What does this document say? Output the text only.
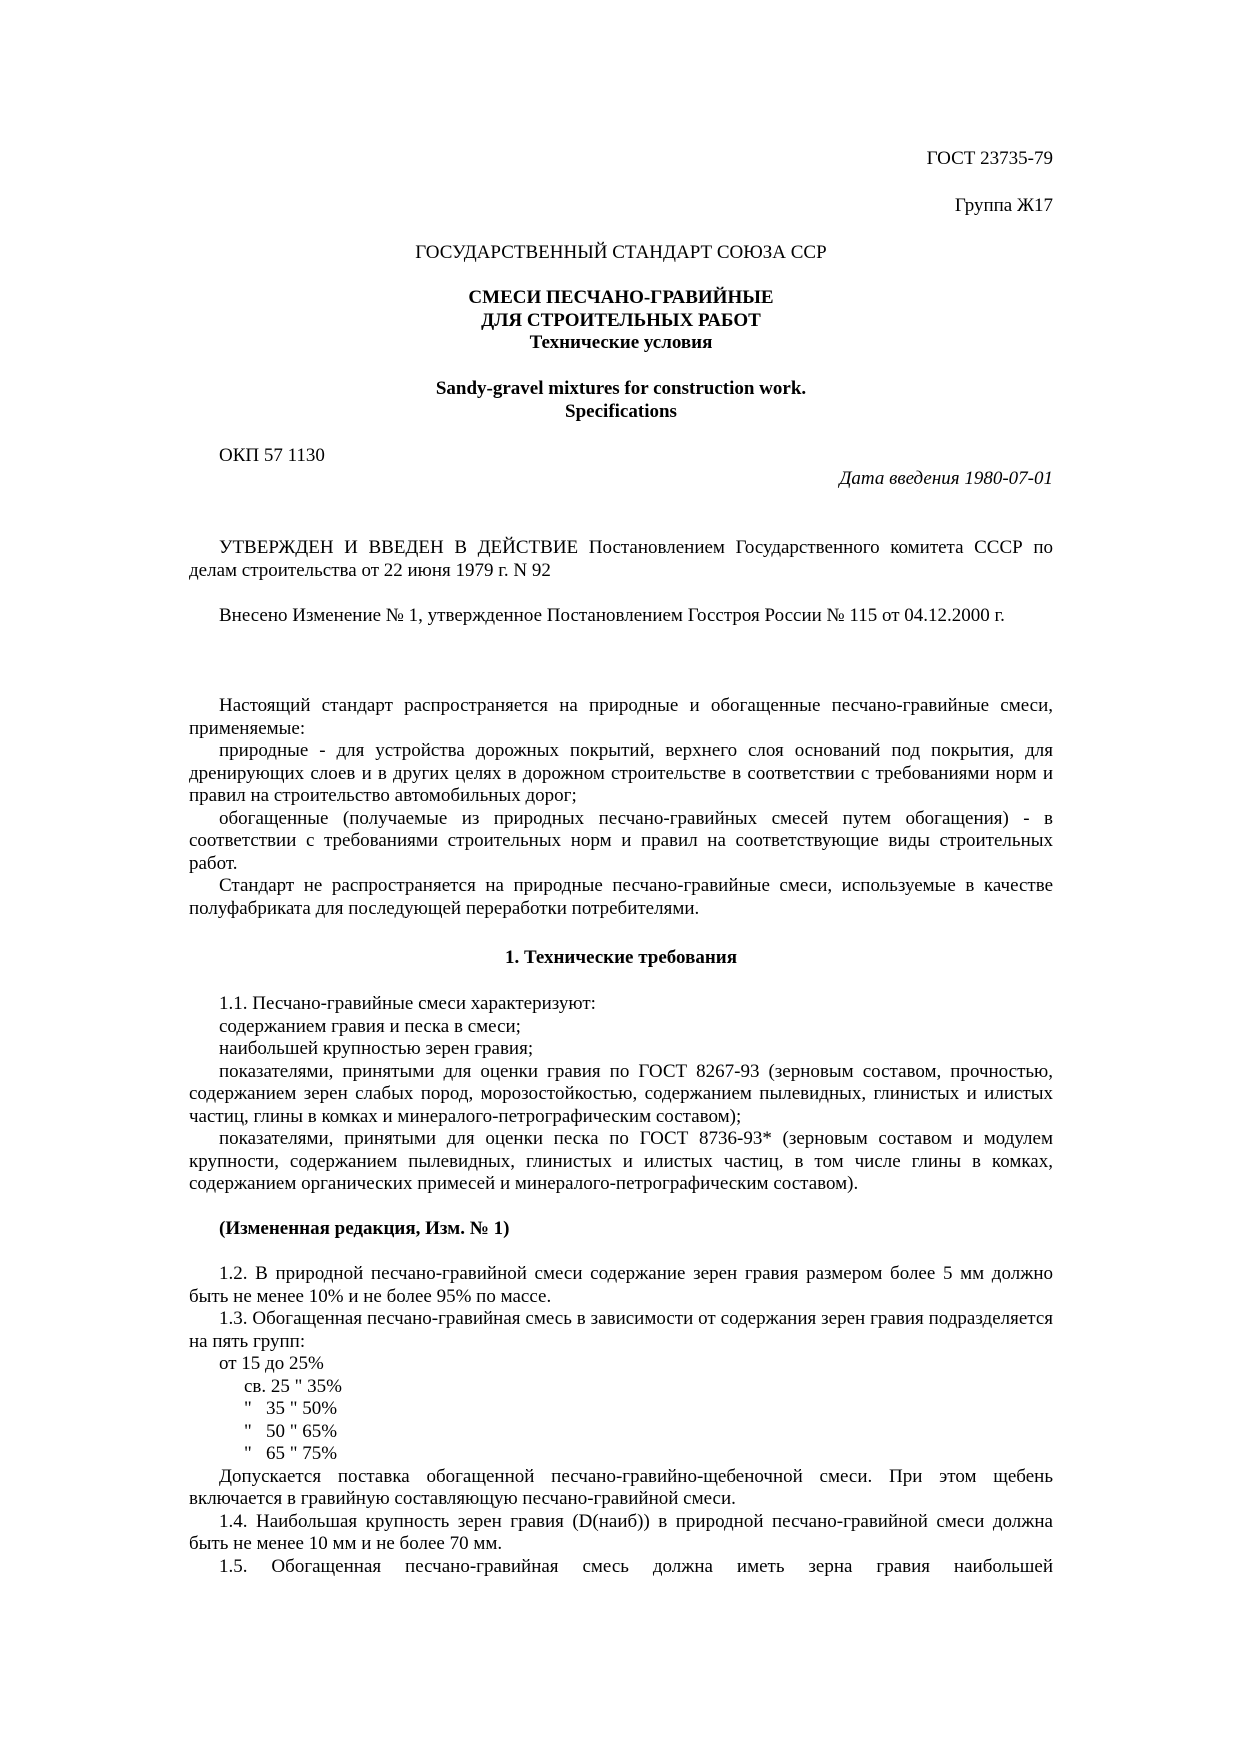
ГОСТ 23735-79

Группа Ж17

ГОСУДАРСТВЕННЫЙ СТАНДАРТ СОЮЗА ССР

СМЕСИ ПЕСЧАНО-ГРАВИЙНЫЕ

ДЛЯ СТРОИТЕЛЬНЫХ РАБОТ

Технические условия

Sandy-gravel mixtures for construction work.

Specifications

ОКП 57 1130

Дата введения 1980-07-01

УТВЕРЖДЕН И ВВЕДЕН В ДЕЙСТВИЕ Постановлением Государственного комитета СССР по делам строительства от 22 июня 1979 г. N 92

Внесено Изменение № 1, утвержденное Постановлением Госстроя России № 115 от 04.12.2000 г.

Настоящий стандарт распространяется на природные и обогащенные песчано-гравийные смеси, применяемые:

природные - для устройства дорожных покрытий, верхнего слоя оснований под покрытия, для дренирующих слоев и в других целях в дорожном строительстве в соответствии с требованиями норм и правил на строительство автомобильных дорог;

обогащенные (получаемые из природных песчано-гравийных смесей путем обогащения) - в соответствии с требованиями строительных норм и правил на соответствующие виды строительных работ.

Стандарт не распространяется на природные песчано-гравийные смеси, используемые в качестве полуфабриката для последующей переработки потребителями.

1. Технические требования

1.1. Песчано-гравийные смеси характеризуют:

содержанием гравия и песка в смеси;

наибольшей крупностью зерен гравия;

показателями, принятыми для оценки гравия по ГОСТ 8267-93 (зерновым составом, прочностью, содержанием зерен слабых пород, морозостойкостью, содержанием пылевидных, глинистых и илистых частиц, глины в комках и минералого-петрографическим составом);

показателями, принятыми для оценки песка по ГОСТ 8736-93* (зерновым составом и модулем крупности, содержанием пылевидных, глинистых и илистых частиц, в том числе глины в комках, содержанием органических примесей и минералого-петрографическим составом).

(Измененная редакция, Изм. № 1)

1.2. В природной песчано-гравийной смеси содержание зерен гравия размером более 5 мм должно быть не менее 10% и не более 95% по массе.

1.3. Обогащенная песчано-гравийная смесь в зависимости от содержания зерен гравия подразделяется на пять групп:

от 15 до 25%

св. 25 " 35%

"   35 " 50%

"   50 " 65%

"   65 " 75%

Допускается поставка обогащенной песчано-гравийно-щебеночной смеси. При этом щебень включается в гравийную составляющую песчано-гравийной смеси.

1.4. Наибольшая крупность зерен гравия (D(наиб)) в природной песчано-гравийной смеси должна быть не менее 10 мм и не более 70 мм.

1.5. Обогащенная песчано-гравийная смесь должна иметь зерна гравия наибольшей
